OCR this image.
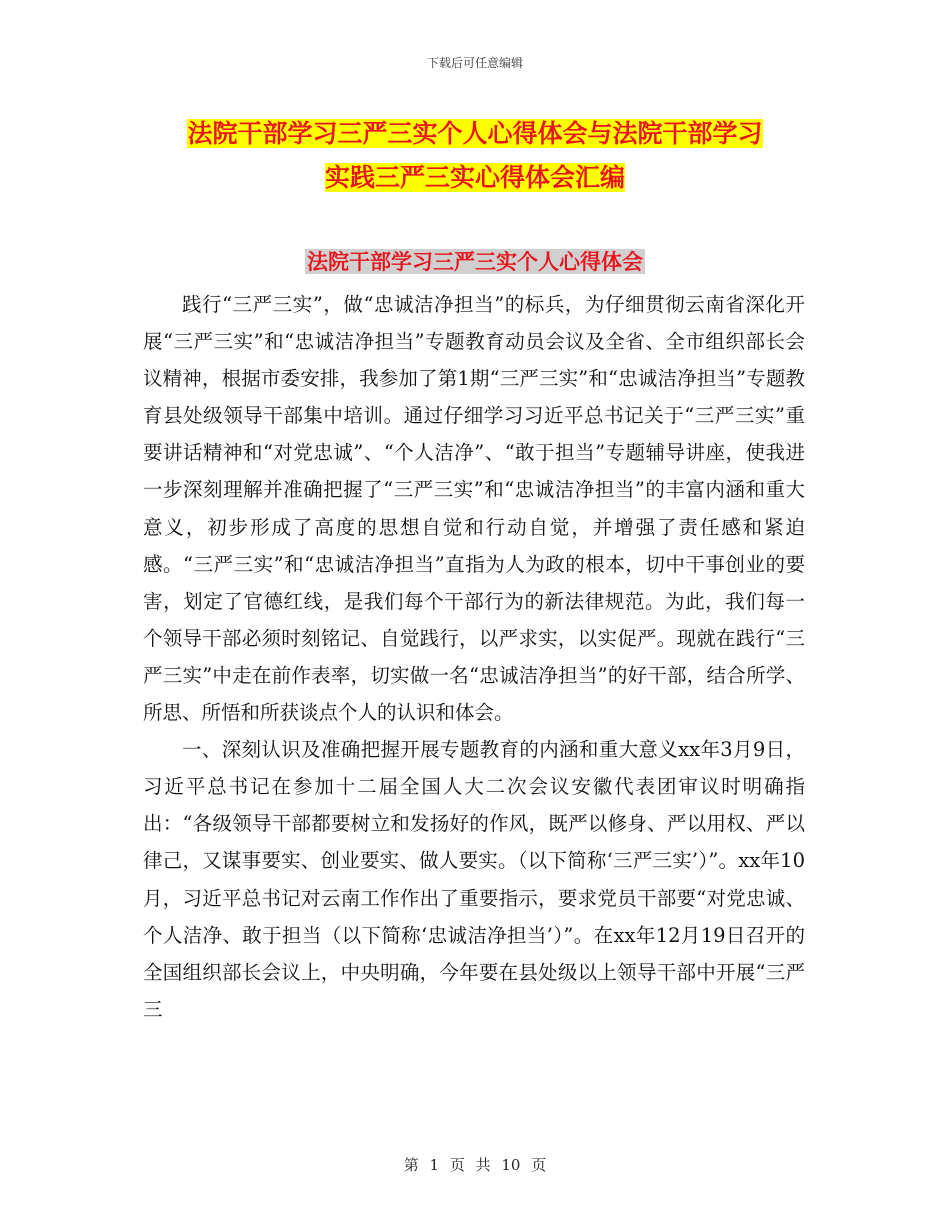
下载后可任意编辑
法院干部学习三严三实个人心得体会与法院干部学习
实践三严三实心得体会汇编
法院干部学习三严三实个人心得体会

践行“三严三实”，做“忠诚洁净担当”的标兵，为仔细贯彻云南省深化开展“三严三实”和“忠诚洁净担当”专题教育动员会议及全省、全市组织部长会议精神，根据市委安排，我参加了第1期“三严三实”和“忠诚洁净担当”专题教育县处级领导干部集中培训。通过仔细学习习近平总书记关于“三严三实”重要讲话精神和“对党忠诚”、“个人洁净”、“敢于担当”专题辅导讲座，使我进一步深刻理解并准确把握了“三严三实”和“忠诚洁净担当”的丰富内涵和重大意义，初步形成了高度的思想自觉和行动自觉，并增强了责任感和紧迫感。“三严三实”和“忠诚洁净担当”直指为人为政的根本，切中干事创业的要害，划定了官德红线，是我们每个干部行为的新法律规范。为此，我们每一个领导干部必须时刻铭记、自觉践行，以严求实，以实促严。现就在践行“三严三实”中走在前作表率，切实做一名“忠诚洁净担当”的好干部，结合所学、所思、所悟和所获谈点个人的认识和体会。

一、深刻认识及准确把握开展专题教育的内涵和重大意义xx年3月9日，习近平总书记在参加十二届全国人大二次会议安徽代表团审议时明确指出：“各级领导干部都要树立和发扬好的作风，既严以修身、严以用权、严以律己，又谋事要实、创业要实、做人要实。（以下简称‘三严三实’）”。xx年10月，习近平总书记对云南工作作出了重要指示，要求党员干部要“对党忠诚、个人洁净、敢于担当（以下简称‘忠诚洁净担当’）”。在xx年12月19日召开的全国组织部长会议上，中央明确，今年要在县处级以上领导干部中开展“三严三

第 1 页 共 10 页
